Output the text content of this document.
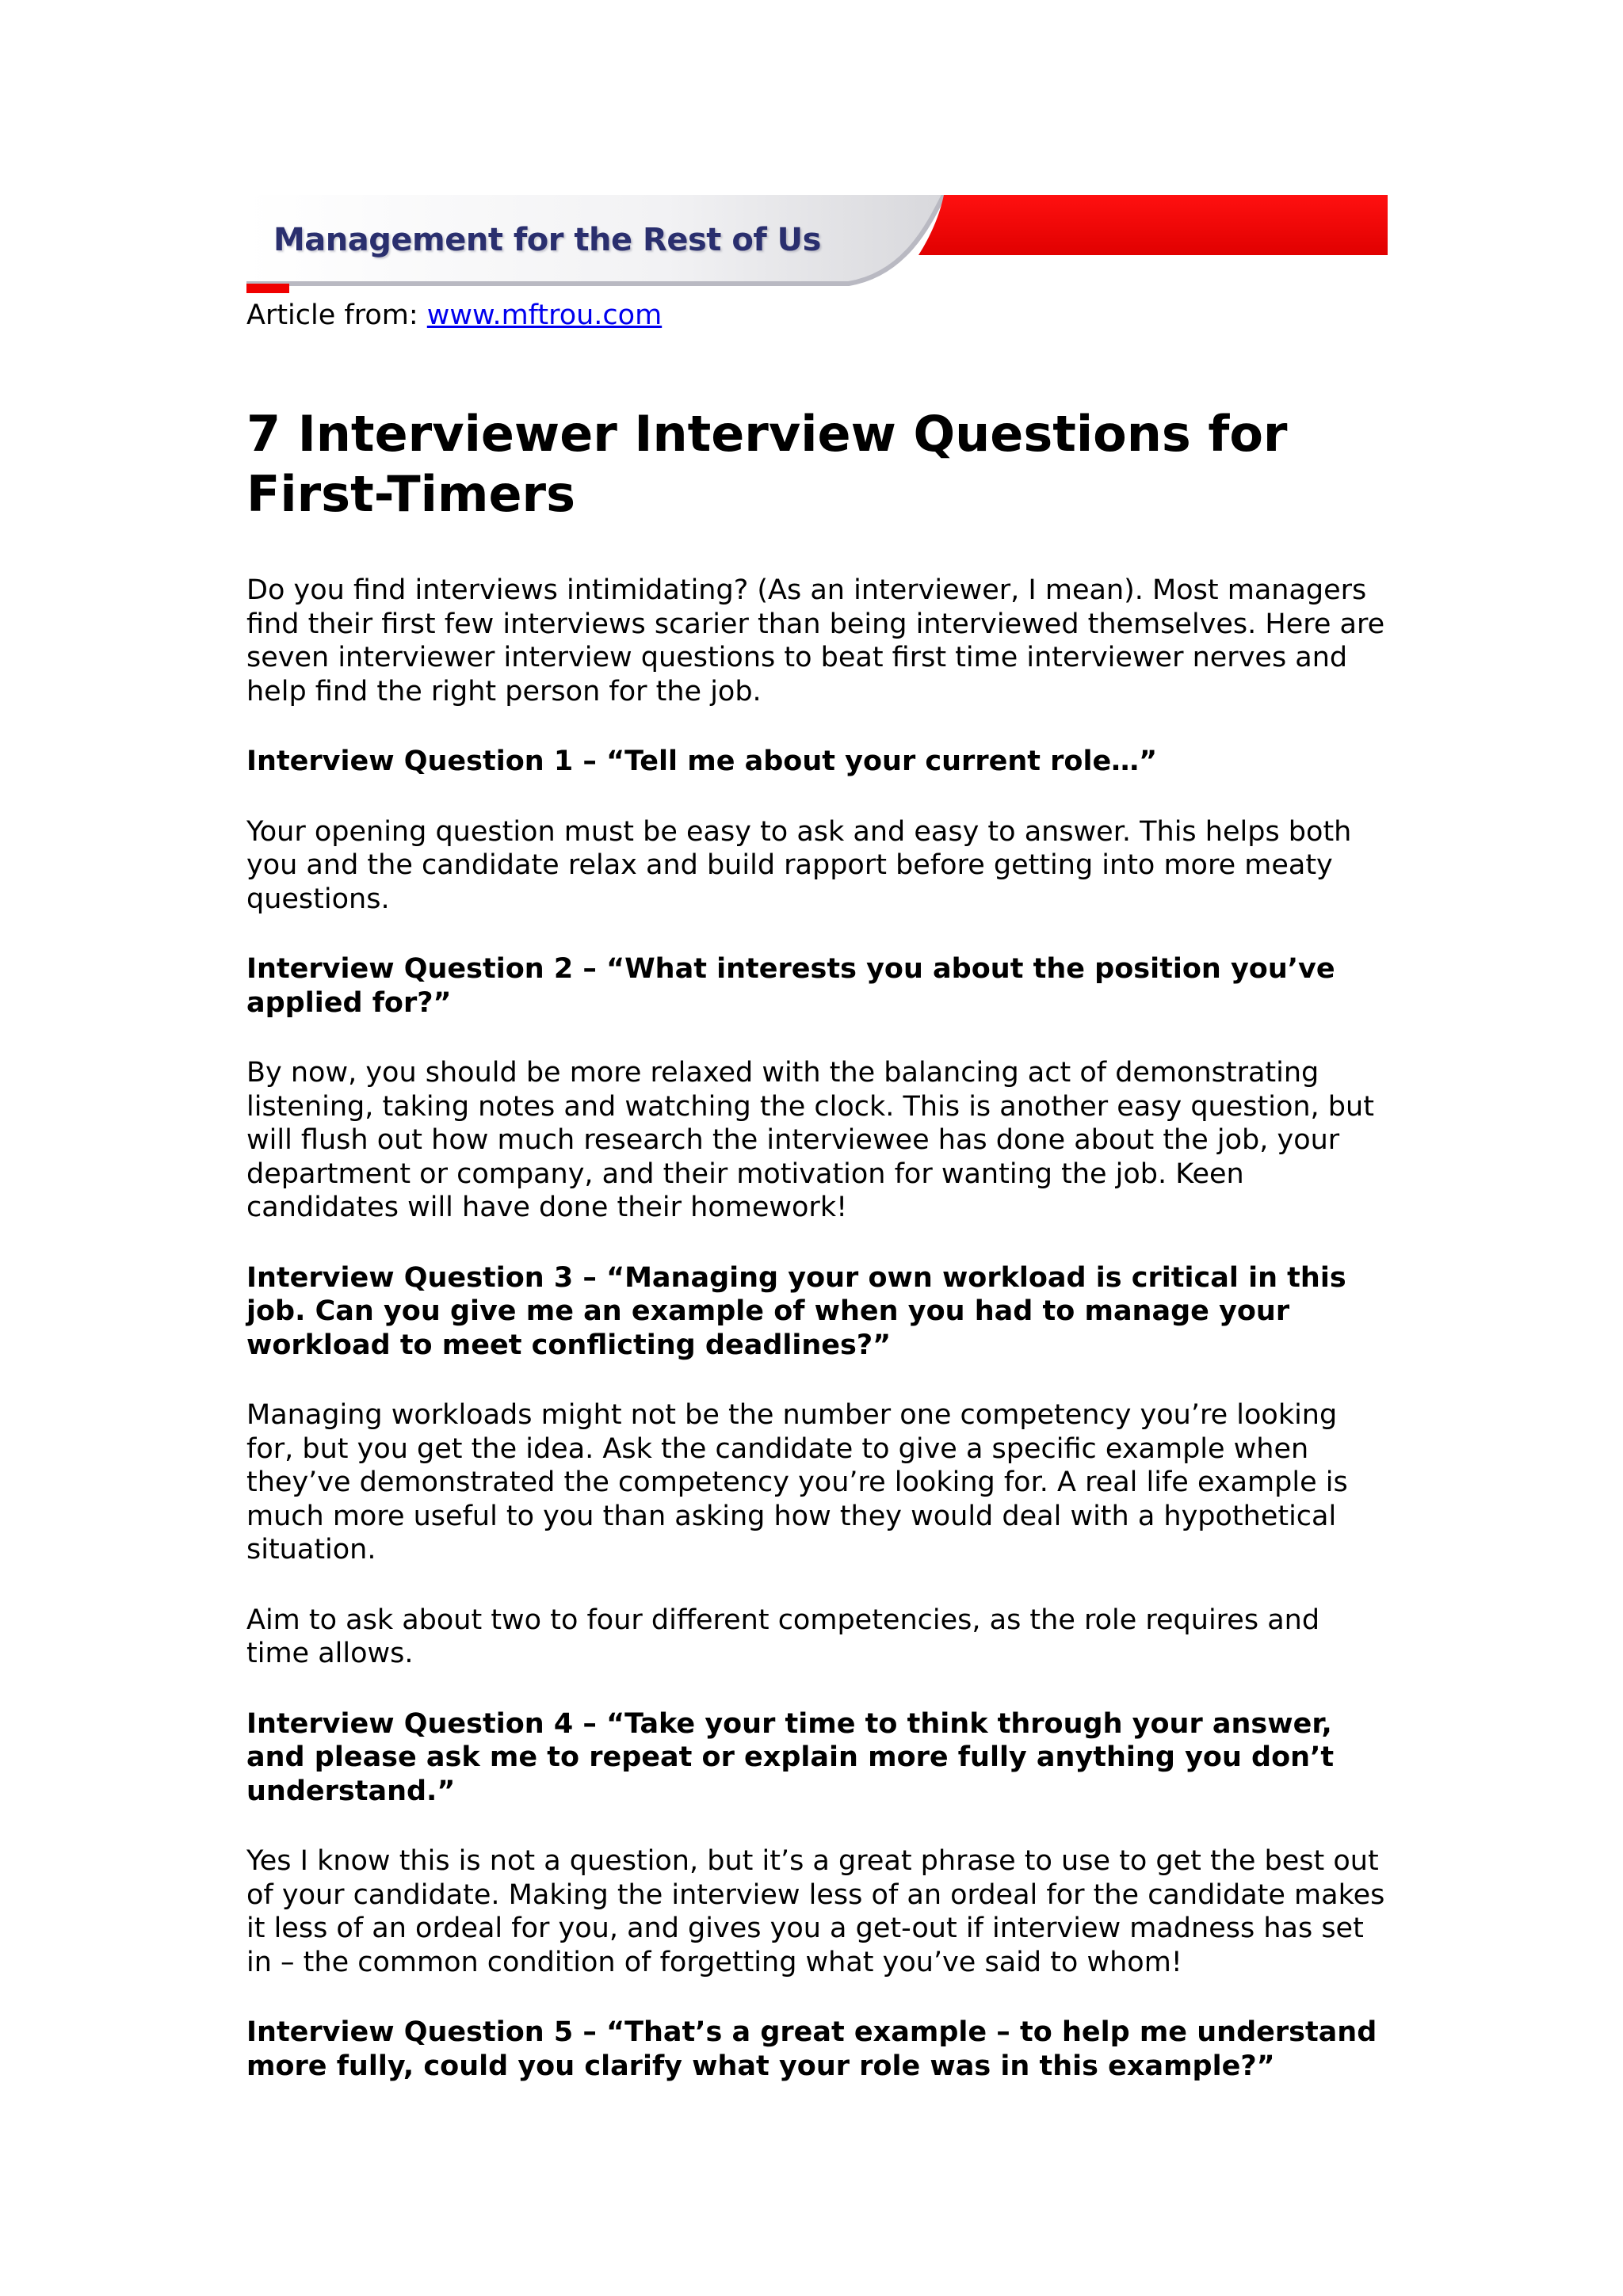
Management for the Rest of Us
Article from: www.mftrou.com
7 Interviewer Interview Questions for First-Timers

Do you find interviews intimidating? (As an interviewer, I mean). Most managers find their first few interviews scarier than being interviewed themselves. Here are seven interviewer interview questions to beat first time interviewer nerves and help find the right person for the job.

Interview Question 1 – “Tell me about your current role…”

Your opening question must be easy to ask and easy to answer. This helps both you and the candidate relax and build rapport before getting into more meaty questions.

Interview Question 2 – “What interests you about the position you’ve applied for?”

By now, you should be more relaxed with the balancing act of demonstrating listening, taking notes and watching the clock. This is another easy question, but will flush out how much research the interviewee has done about the job, your department or company, and their motivation for wanting the job. Keen candidates will have done their homework!

Interview Question 3 – “Managing your own workload is critical in this job. Can you give me an example of when you had to manage your workload to meet conflicting deadlines?”

Managing workloads might not be the number one competency you’re looking for, but you get the idea. Ask the candidate to give a specific example when they’ve demonstrated the competency you’re looking for. A real life example is much more useful to you than asking how they would deal with a hypothetical situation.

Aim to ask about two to four different competencies, as the role requires and time allows.

Interview Question 4 – “Take your time to think through your answer, and please ask me to repeat or explain more fully anything you don’t understand.”

Yes I know this is not a question, but it’s a great phrase to use to get the best out of your candidate. Making the interview less of an ordeal for the candidate makes it less of an ordeal for you, and gives you a get-out if interview madness has set in – the common condition of forgetting what you’ve said to whom!

Interview Question 5 – “That’s a great example – to help me understand more fully, could you clarify what your role was in this example?”
